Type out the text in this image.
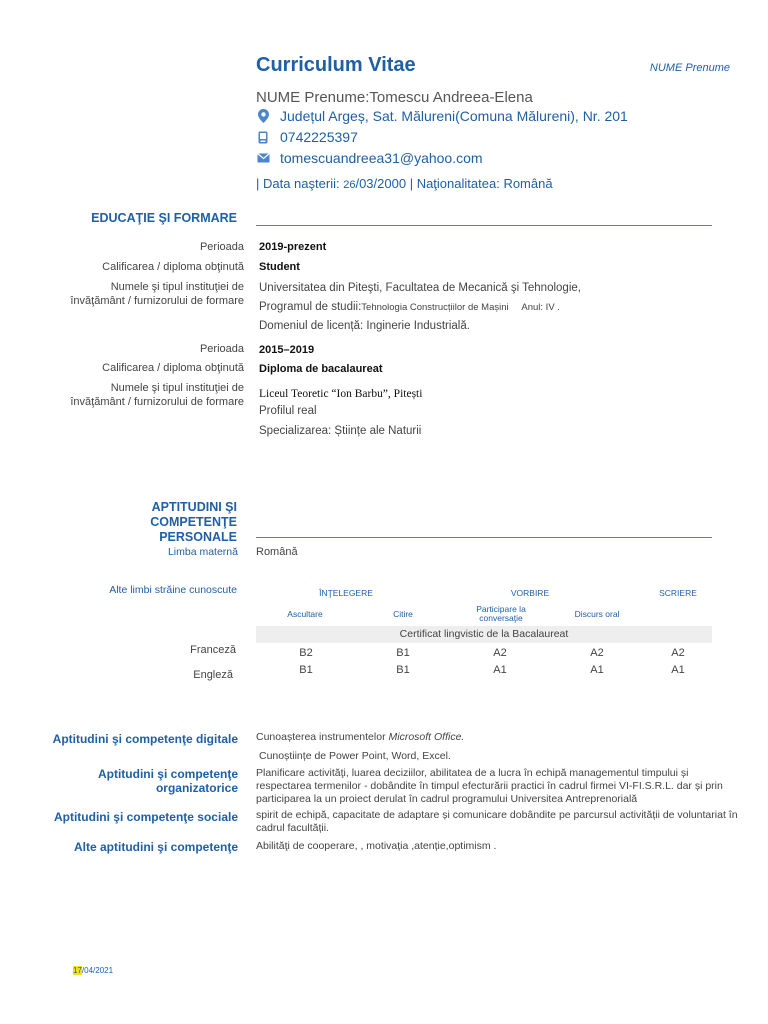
Curriculum Vitae	NUME Prenume
NUME Prenume:Tomescu Andreea-Elena
Județul Argeș, Sat. Mălureni(Comuna Mălureni), Nr. 201
0742225397
tomescuandreea31@yahoo.com
| Data naşterii: 26/03/2000 | Naţionalitatea: Română
EDUCAŢIE ŞI FORMARE
Perioada 2019-prezent
Calificarea / diploma obţinută Student
Numele şi tipul instituţiei de învăţământ / furnizorului de formare
Universitatea din Piteşti, Facultatea de Mecanică şi Tehnologie,
Programul de studii:Tehnologia Construcțiilor de Mașini Anul: IV .
Domeniul de licență: Inginerie Industrială.
Perioada 2015–2019
Calificarea / diploma obţinută Diploma de bacalaureat
Numele şi tipul instituţiei de învăţământ / furnizorului de formare
Liceul Teoretic “Ion Barbu”, Pitești
Profilul real
Specializarea: Științe ale Naturii
APTITUDINI ŞI
COMPETENŢE
PERSONALE
Limba maternă Română
Alte limbi străine cunoscute	ÎNŢELEGERE	VORBIRE	SCRIERE
Ascultare	Citire	Participare la conversaţie	Discurs oral
Certificat lingvistic de la Bacalaureat
Franceză	B2	B1	A2	A2	A2
Engleză	B1	B1	A1	A1	A1
Aptitudini şi competenţe digitale Cunoașterea instrumentelor Microsoft Office.
Cunoștiințe de Power Point, Word, Excel.
Aptitudini şi competenţe organizatorice
Planificare activităţi, luarea deciziilor, abilitatea de a lucra în echipă managementul timpului și respectarea termenilor - dobândite în timpul efecturării practici în cadrul firmei VI-FI.S.R.L. dar și prin participarea la un proiect derulat în cadrul programului Universitea Antreprenorială
Aptitudini şi competenţe sociale spirit de echipă, capacitate de adaptare și comunicare dobândite pe parcursul activității de voluntariat în cadrul facultății.
Alte aptitudini şi competenţe Abilităţi de cooperare, , motivația ,atenție,optimism .
17/04/2021
